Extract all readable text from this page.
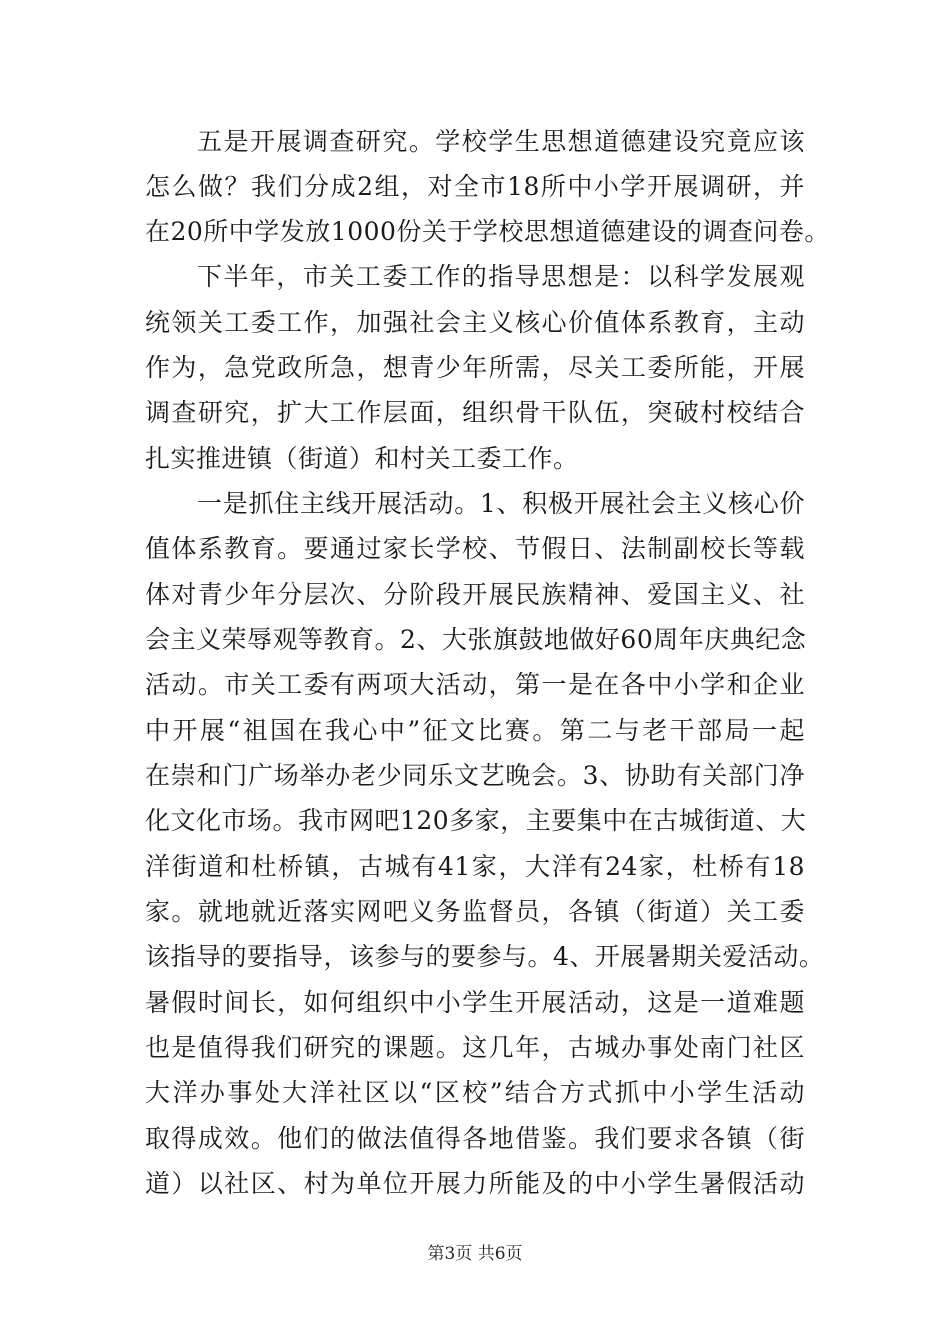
五是开展调查研究。学校学生思想道德建设究竟应该
怎么做？我们分成2组，对全市18所中小学开展调研，并
在20所中学发放1000份关于学校思想道德建设的调查问卷。
下半年，市关工委工作的指导思想是：以科学发展观
统领关工委工作，加强社会主义核心价值体系教育，主动
作为，急党政所急，想青少年所需，尽关工委所能，开展
调查研究，扩大工作层面，组织骨干队伍，突破村校结合
扎实推进镇（街道）和村关工委工作。
一是抓住主线开展活动。1、积极开展社会主义核心价
值体系教育。要通过家长学校、节假日、法制副校长等载
体对青少年分层次、分阶段开展民族精神、爱国主义、社
会主义荣辱观等教育。2、大张旗鼓地做好60周年庆典纪念
活动。市关工委有两项大活动，第一是在各中小学和企业
中开展“祖国在我心中”征文比赛。第二与老干部局一起
在崇和门广场举办老少同乐文艺晚会。3、协助有关部门净
化文化市场。我市网吧120多家，主要集中在古城街道、大
洋街道和杜桥镇，古城有41家，大洋有24家，杜桥有18
家。就地就近落实网吧义务监督员，各镇（街道）关工委
该指导的要指导，该参与的要参与。4、开展暑期关爱活动。
暑假时间长，如何组织中小学生开展活动，这是一道难题
也是值得我们研究的课题。这几年，古城办事处南门社区
大洋办事处大洋社区以“区校”结合方式抓中小学生活动
取得成效。他们的做法值得各地借鉴。我们要求各镇（街
道）以社区、村为单位开展力所能及的中小学生暑假活动
第3页 共6页
